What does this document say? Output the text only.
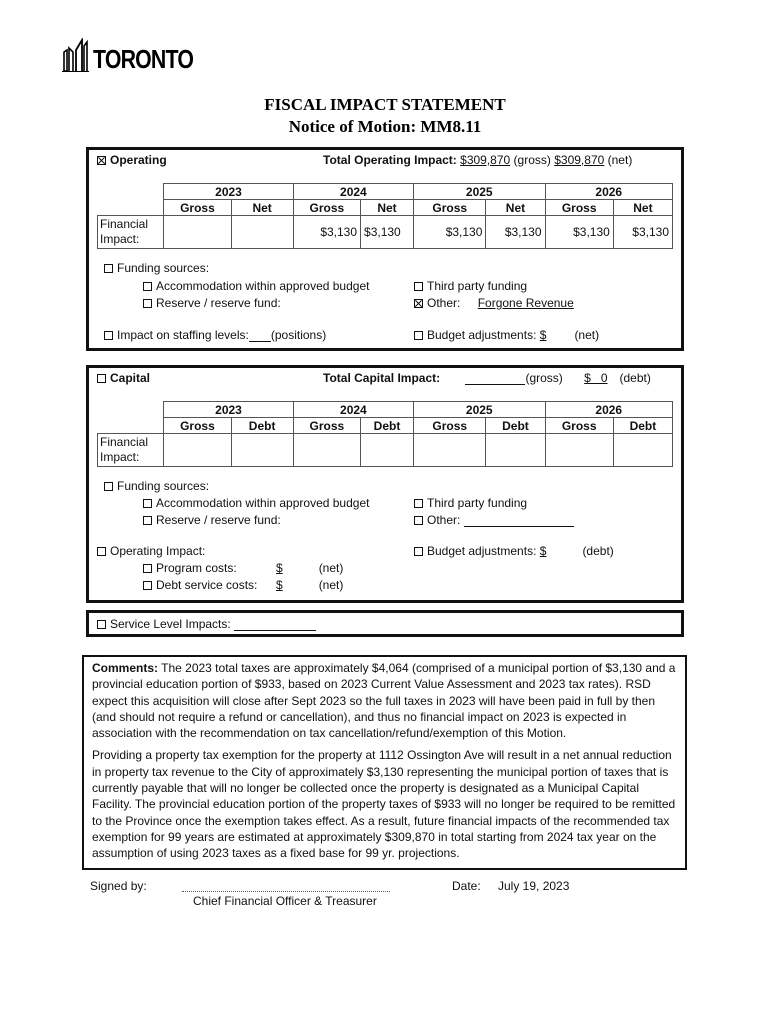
TORONTO
FISCAL IMPACT STATEMENT
Notice of Motion: MM8.11
Operating	Total Operating Impact: $309,870 (gross) $309,870 (net)
	2023		2024		2025		2026	
	Gross	Net	Gross	Net	Gross	Net	Gross	Net
Financial
Impact:			$3,130	$3,130	$3,130	$3,130	$3,130	$3,130
Funding sources:
Accommodation within approved budget
Reserve / reserve fund:
Third party funding
Other: Forgone Revenue
Impact on staffing levels: (positions)	Budget adjustments: $ (net)
Capital	Total Capital Impact:	(gross) $   0 (debt)
	2023		2024		2025		2026	
	Gross	Debt	Gross	Debt	Gross	Debt	Gross	Debt
Financial
Impact:								
Funding sources:
Accommodation within approved budget
Reserve / reserve fund:
Third party funding
Other:
Operating Impact:
Program costs:	$	(net)
Debt service costs: $	(net)
Budget adjustments: $	(debt)
Service Level Impacts:

Comments: The 2023 total taxes are approximately $4,064 (comprised of a municipal portion of $3,130 and a provincial education portion of $933, based on 2023 Current Value Assessment and 2023 tax rates). RSD expect this acquisition will close after Sept 2023 so the full taxes in 2023 will have been paid in full by then (and should not require a refund or cancellation), and thus no financial impact on 2023 is expected in association with the recommendation on tax cancellation/refund/exemption of this Motion.

Providing a property tax exemption for the property at 1112 Ossington Ave will result in a net annual reduction in property tax revenue to the City of approximately $3,130 representing the municipal portion of taxes that is currently payable that will no longer be collected once the property is designated as a Municipal Capital Facility. The provincial education portion of the property taxes of $933 will no longer be required to be remitted to the Province once the exemption takes effect. As a result, future financial impacts of the recommended tax exemption for 99 years are estimated at approximately $309,870 in total starting from 2024 tax year on the assumption of using 2023 taxes as a fixed base for 99 yr. projections.

Signed by:
Chief Financial Officer & Treasurer
Date: July 19, 2023
